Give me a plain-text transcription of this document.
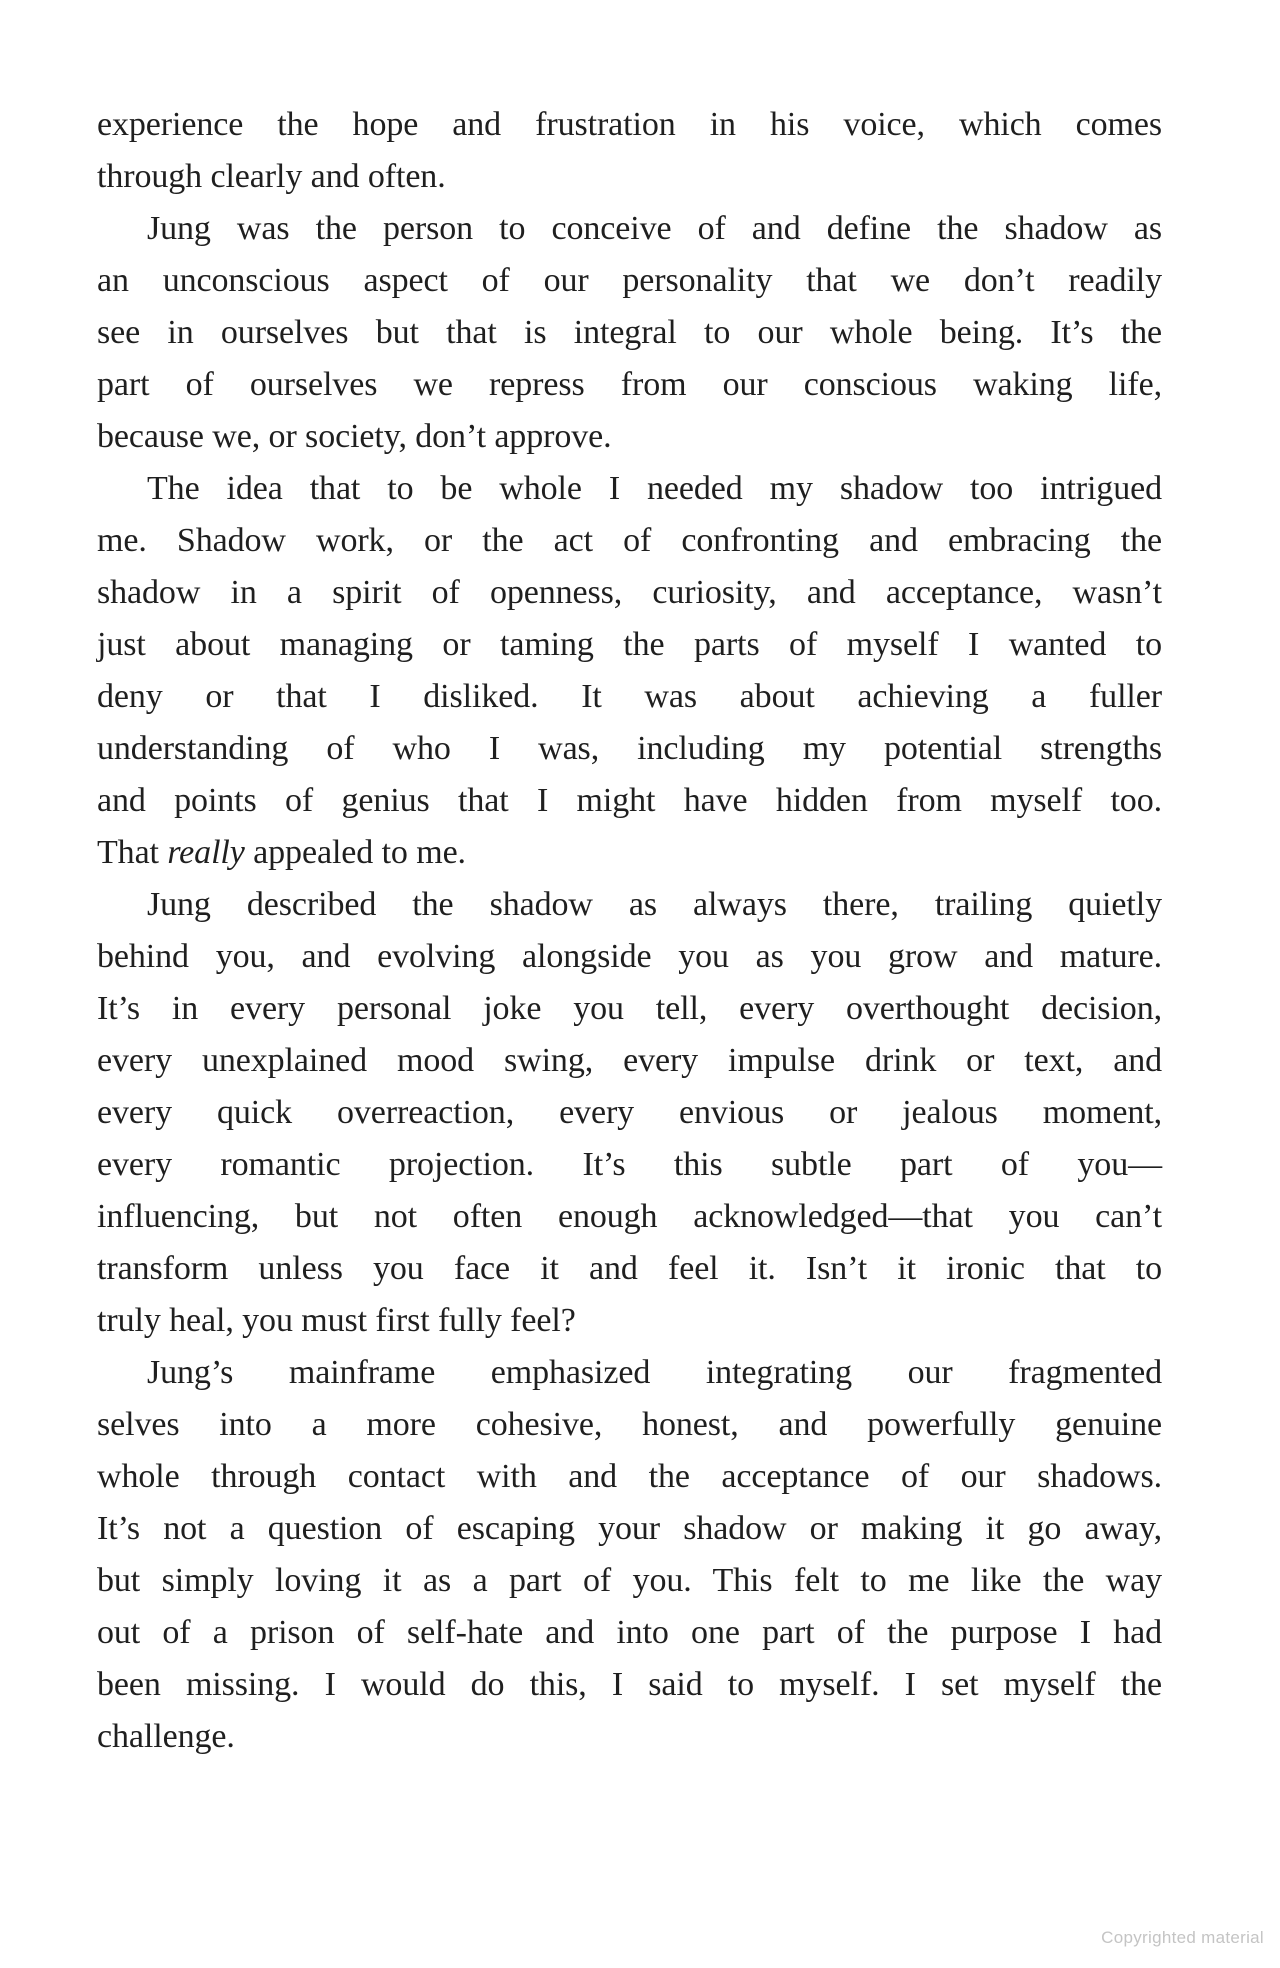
experience the hope and frustration in his voice, which comes
through clearly and often.
Jung was the person to conceive of and define the shadow as
an unconscious aspect of our personality that we don’t readily
see in ourselves but that is integral to our whole being. It’s the
part of ourselves we repress from our conscious waking life,
because we, or society, don’t approve.
The idea that to be whole I needed my shadow too intrigued
me. Shadow work, or the act of confronting and embracing the
shadow in a spirit of openness, curiosity, and acceptance, wasn’t
just about managing or taming the parts of myself I wanted to
deny or that I disliked. It was about achieving a fuller
understanding of who I was, including my potential strengths
and points of genius that I might have hidden from myself too.
That really appealed to me.
Jung described the shadow as always there, trailing quietly
behind you, and evolving alongside you as you grow and mature.
It’s in every personal joke you tell, every overthought decision,
every unexplained mood swing, every impulse drink or text, and
every quick overreaction, every envious or jealous moment,
every romantic projection. It’s this subtle part of you—
influencing, but not often enough acknowledged—that you can’t
transform unless you face it and feel it. Isn’t it ironic that to
truly heal, you must first fully feel?
Jung’s mainframe emphasized integrating our fragmented
selves into a more cohesive, honest, and powerfully genuine
whole through contact with and the acceptance of our shadows.
It’s not a question of escaping your shadow or making it go away,
but simply loving it as a part of you. This felt to me like the way
out of a prison of self-hate and into one part of the purpose I had
been missing. I would do this, I said to myself. I set myself the
challenge.
Copyrighted material
